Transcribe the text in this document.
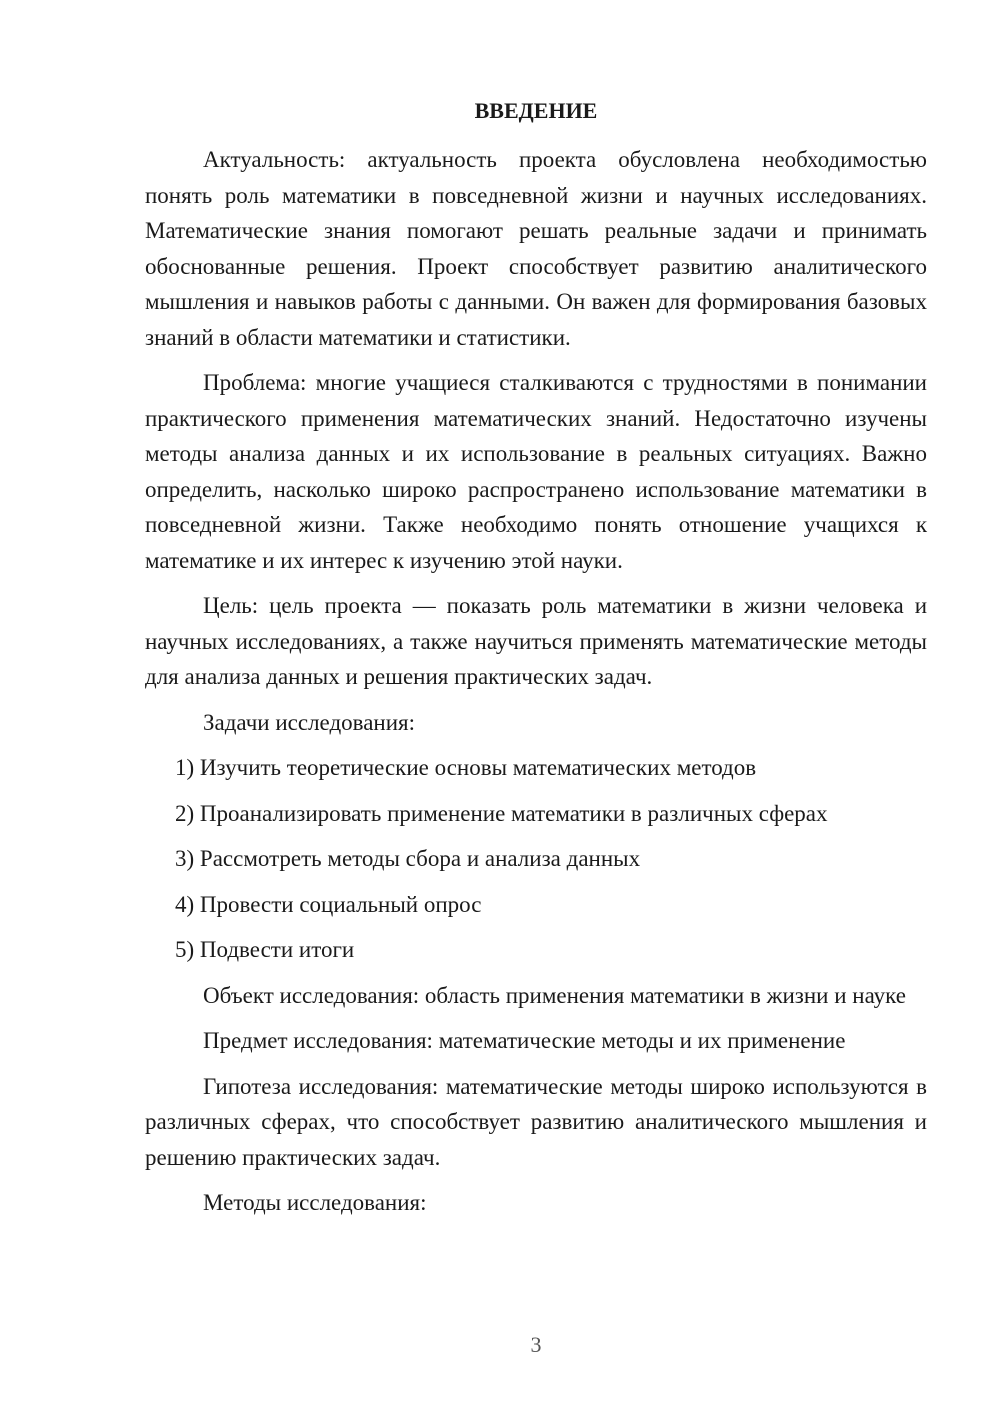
ВВЕДЕНИЕ

Актуальность: актуальность проекта обусловлена необходимостью понять роль математики в повседневной жизни и научных исследованиях. Математические знания помогают решать реальные задачи и принимать обоснованные решения. Проект способствует развитию аналитического мышления и навыков работы с данными. Он важен для формирования базовых знаний в области математики и статистики.

Проблема: многие учащиеся сталкиваются с трудностями в понимании практического применения математических знаний. Недостаточно изучены методы анализа данных и их использование в реальных ситуациях. Важно определить, насколько широко распространено использование математики в повседневной жизни. Также необходимо понять отношение учащихся к математике и их интерес к изучению этой науки.

Цель: цель проекта — показать роль математики в жизни человека и научных исследованиях, а также научиться применять математические методы для анализа данных и решения практических задач.

Задачи исследования:

1) Изучить теоретические основы математических методов

2) Проанализировать применение математики в различных сферах

3) Рассмотреть методы сбора и анализа данных

4) Провести социальный опрос

5) Подвести итоги

Объект исследования: область применения математики в жизни и науке

Предмет исследования: математические методы и их применение

Гипотеза исследования: математические методы широко используются в различных сферах, что способствует развитию аналитического мышления и решению практических задач.

Методы исследования:

3
